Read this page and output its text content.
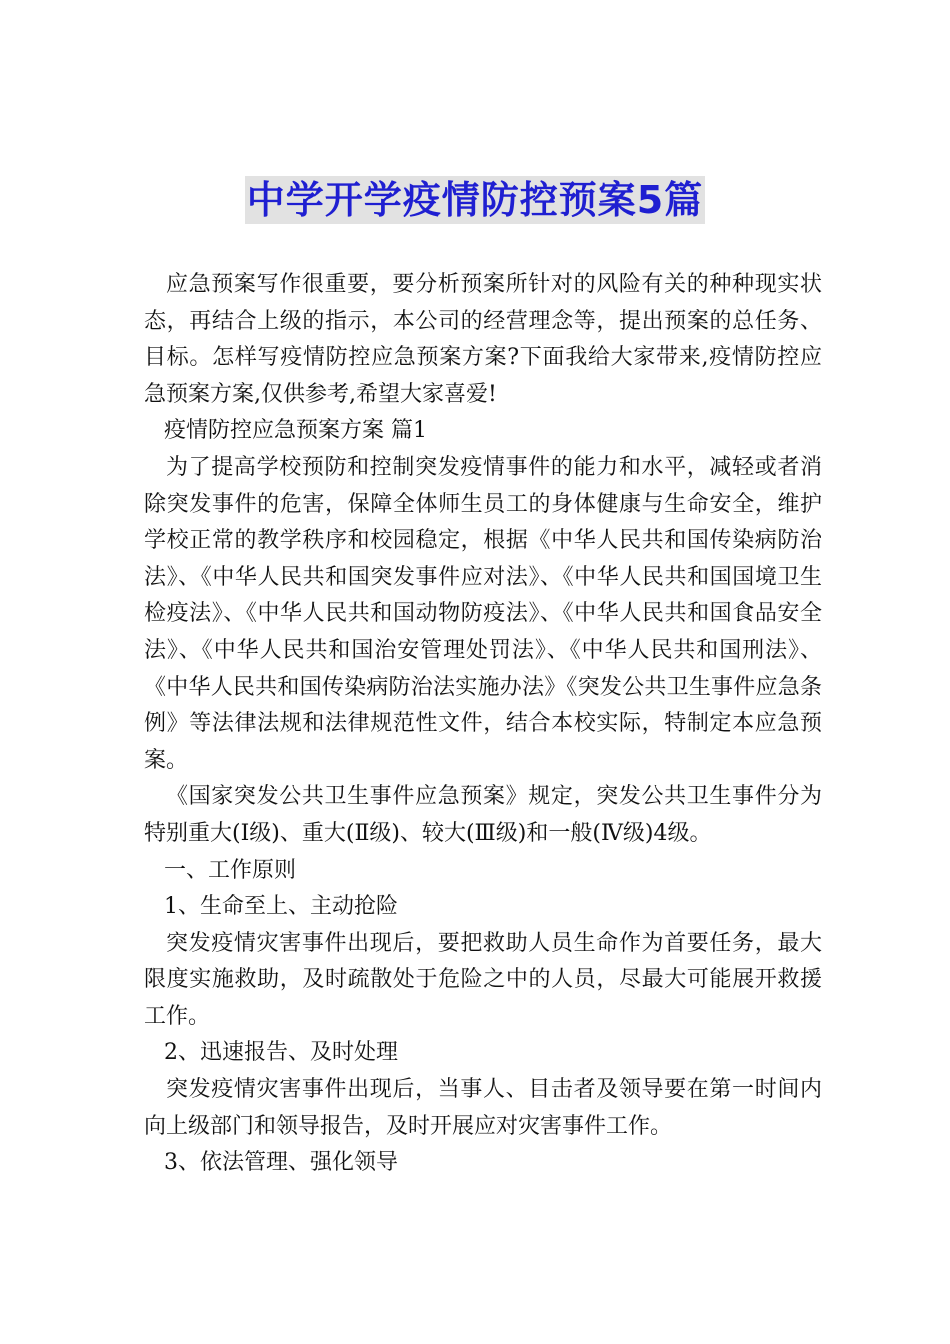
中学开学疫情防控预案5篇

应急预案写作很重要，要分析预案所针对的风险有关的种种现实状态，再结合上级的指示，本公司的经营理念等，提出预案的总任务、目标。怎样写疫情防控应急预案方案?下面我给大家带来,疫情防控应急预案方案,仅供参考,希望大家喜爱!

疫情防控应急预案方案 篇1

为了提高学校预防和控制突发疫情事件的能力和水平，减轻或者消除突发事件的危害，保障全体师生员工的身体健康与生命安全，维护学校正常的教学秩序和校园稳定，根据《中华人民共和国传染病防治法》、《中华人民共和国突发事件应对法》、《中华人民共和国国境卫生检疫法》、《中华人民共和国动物防疫法》、《中华人民共和国食品安全法》、《中华人民共和国治安管理处罚法》、《中华人民共和国刑法》、《中华人民共和国传染病防治法实施办法》《突发公共卫生事件应急条例》等法律法规和法律规范性文件，结合本校实际，特制定本应急预案。

《国家突发公共卫生事件应急预案》规定，突发公共卫生事件分为特别重大(Ⅰ级)、重大(Ⅱ级)、较大(Ⅲ级)和一般(Ⅳ级)4级。

一、工作原则

1、生命至上、主动抢险

突发疫情灾害事件出现后，要把救助人员生命作为首要任务，最大限度实施救助，及时疏散处于危险之中的人员，尽最大可能展开救援工作。

2、迅速报告、及时处理

突发疫情灾害事件出现后，当事人、目击者及领导要在第一时间内向上级部门和领导报告，及时开展应对灾害事件工作。

3、依法管理、强化领导
